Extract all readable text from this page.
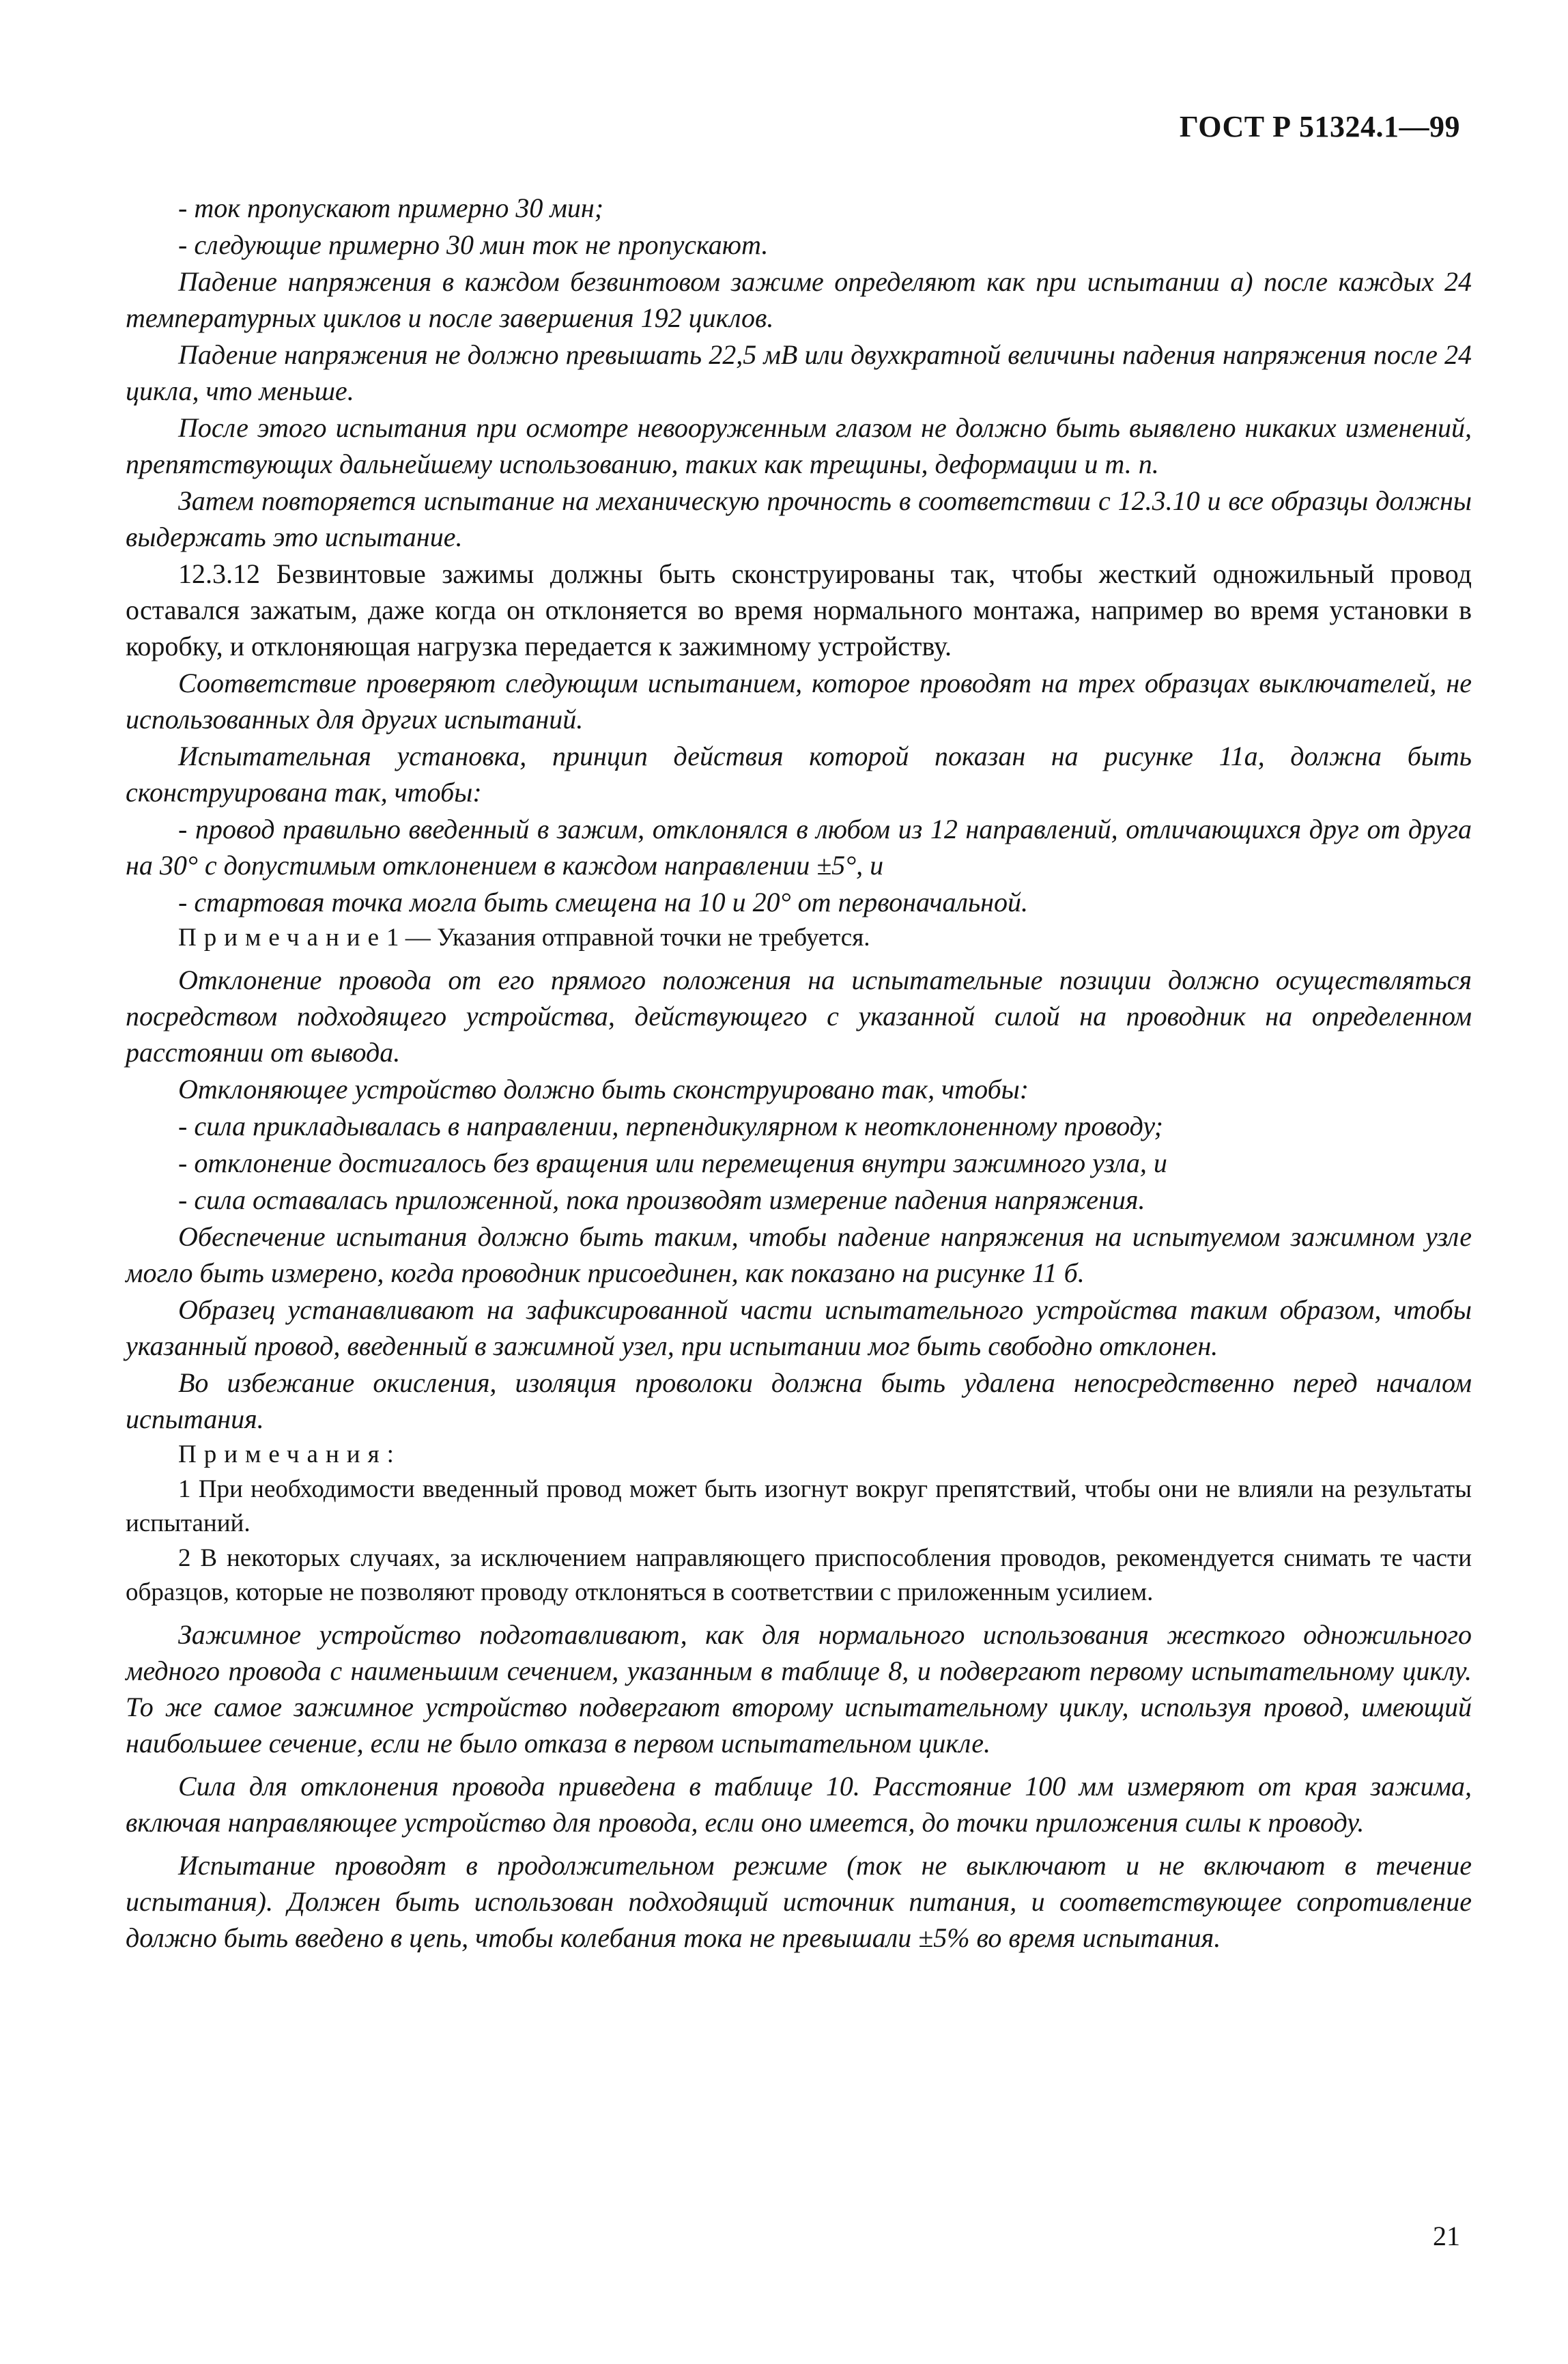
ГОСТ Р 51324.1—99

- ток пропускают примерно 30 мин;

- следующие примерно 30 мин ток не пропускают.

Падение напряжения в каждом безвинтовом зажиме определяют как при испытании а) после каждых 24 температурных циклов и после завершения 192 циклов.

Падение напряжения не должно превышать 22,5 мВ или двухкратной величины падения напряжения после 24 цикла, что меньше.

После этого испытания при осмотре невооруженным глазом не должно быть выявлено никаких изменений, препятствующих дальнейшему использованию, таких как трещины, деформации и т. п.

Затем повторяется испытание на механическую прочность в соответствии с 12.3.10 и все образцы должны выдержать это испытание.

12.3.12 Безвинтовые зажимы должны быть сконструированы так, чтобы жесткий одножильный провод оставался зажатым, даже когда он отклоняется во время нормального монтажа, например во время установки в коробку, и отклоняющая нагрузка передается к зажимному устройству.

Соответствие проверяют следующим испытанием, которое проводят на трех образцах выключателей, не использованных для других испытаний.

Испытательная установка, принцип действия которой показан на рисунке 11а, должна быть сконструирована так, чтобы:

- провод правильно введенный в зажим, отклонялся в любом из 12 направлений, отличающихся друг от друга на 30° с допустимым отклонением в каждом направлении ±5°, и

- стартовая точка могла быть смещена на 10 и 20° от первоначальной.

Примечание1 — Указания отправной точки не требуется.

Отклонение провода от его прямого положения на испытательные позиции должно осуществляться посредством подходящего устройства, действующего с указанной силой на проводник на определенном расстоянии от вывода.

Отклоняющее устройство должно быть сконструировано так, чтобы:

- сила прикладывалась в направлении, перпендикулярном к неотклоненному проводу;

- отклонение достигалось без вращения или перемещения внутри зажимного узла, и

- сила оставалась приложенной, пока производят измерение падения напряжения.

Обеспечение испытания должно быть таким, чтобы падение напряжения на испытуемом зажимном узле могло быть измерено, когда проводник присоединен, как показано на рисунке 11 б.

Образец устанавливают на зафиксированной части испытательного устройства таким образом, чтобы указанный провод, введенный в зажимной узел, при испытании мог быть свободно отклонен.

Во избежание окисления, изоляция проволоки должна быть удалена непосредственно перед началом испытания.

Примечания:

1 При необходимости введенный провод может быть изогнут вокруг препятствий, чтобы они не влияли на результаты испытаний.

2 В некоторых случаях, за исключением направляющего приспособления проводов, рекомендуется снимать те части образцов, которые не позволяют проводу отклоняться в соответствии с приложенным усилием.

Зажимное устройство подготавливают, как для нормального использования жесткого одножильного медного провода с наименьшим сечением, указанным в таблице 8, и подвергают первому испытательному циклу. То же самое зажимное устройство подвергают второму испытательному циклу, используя провод, имеющий наибольшее сечение, если не было отказа в первом испытательном цикле.

Сила для отклонения провода приведена в таблице 10. Расстояние 100 мм измеряют от края зажима, включая направляющее устройство для провода, если оно имеется, до точки приложения силы к проводу.

Испытание проводят в продолжительном режиме (ток не выключают и не включают в течение испытания). Должен быть использован подходящий источник питания, и соответствующее сопротивление должно быть введено в цепь, чтобы колебания тока не превышали ±5% во время испытания.

21
